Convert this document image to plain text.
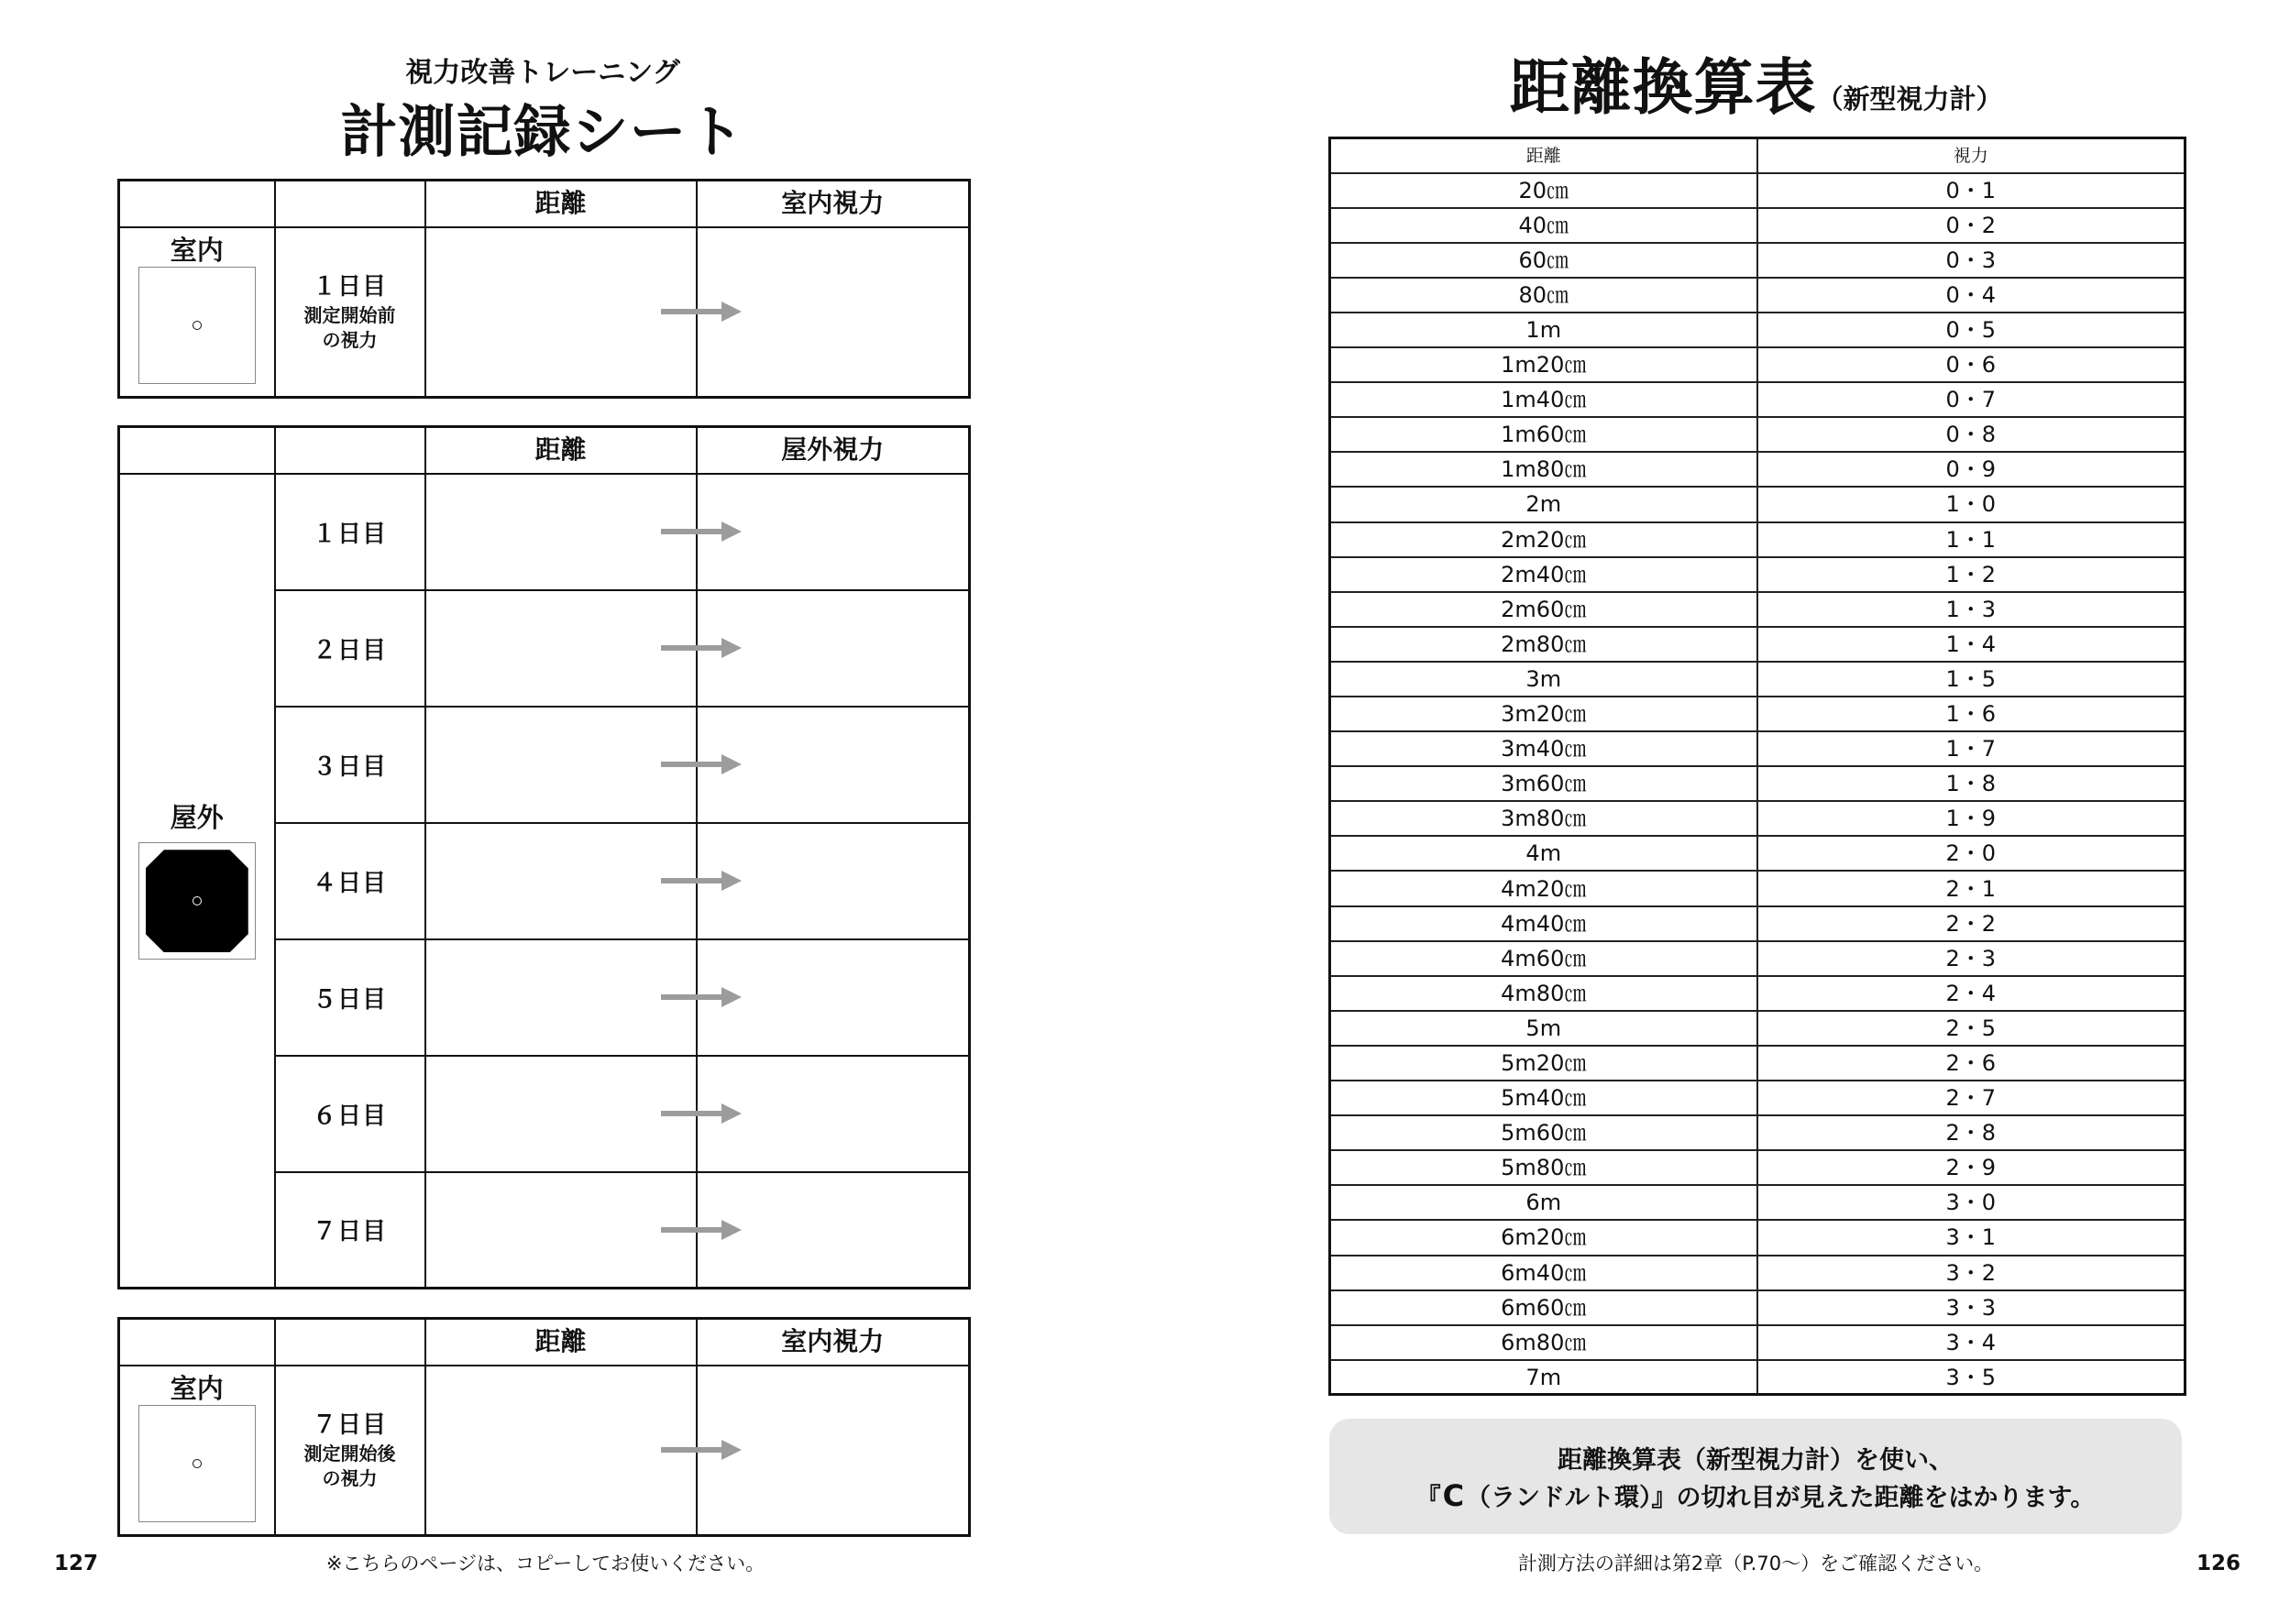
視力改善トレーニング
計測記録シート
		距離	室内視力

室内	１日目
測定開始前
の視力

		距離	屋外視力

屋外	１日目	

	２日目	

	３日目	

	４日目	

	５日目	

	６日目	

	７日目	

		距離	室内視力

室内	７日目
測定開始後
の視力

127	※こちらのページは、コピーしてお使いください。
距離換算表（新型視力計）
距離	視力
20㎝	0・1
40㎝	0・2
60㎝	0・3
80㎝	0・4
1m	0・5
1m20㎝	0・6
1m40㎝	0・7
1m60㎝	0・8
1m80㎝	0・9
2m	1・0
2m20㎝	1・1
2m40㎝	1・2
2m60㎝	1・3
2m80㎝	1・4
3m	1・5
3m20㎝	1・6
3m40㎝	1・7
3m60㎝	1・8
3m80㎝	1・9
4m	2・0
4m20㎝	2・1
4m40㎝	2・2
4m60㎝	2・3
4m80㎝	2・4
5m	2・5
5m20㎝	2・6
5m40㎝	2・7
5m60㎝	2・8
5m80㎝	2・9
6m	3・0
6m20㎝	3・1
6m40㎝	3・2
6m60㎝	3・3
6m80㎝	3・4
7m	3・5
距離換算表（新型視力計）を使い、
『C（ランドルト環）』の切れ目が見えた距離をはかります。
計測方法の詳細は第2章（P.70〜）をご確認ください。	126
